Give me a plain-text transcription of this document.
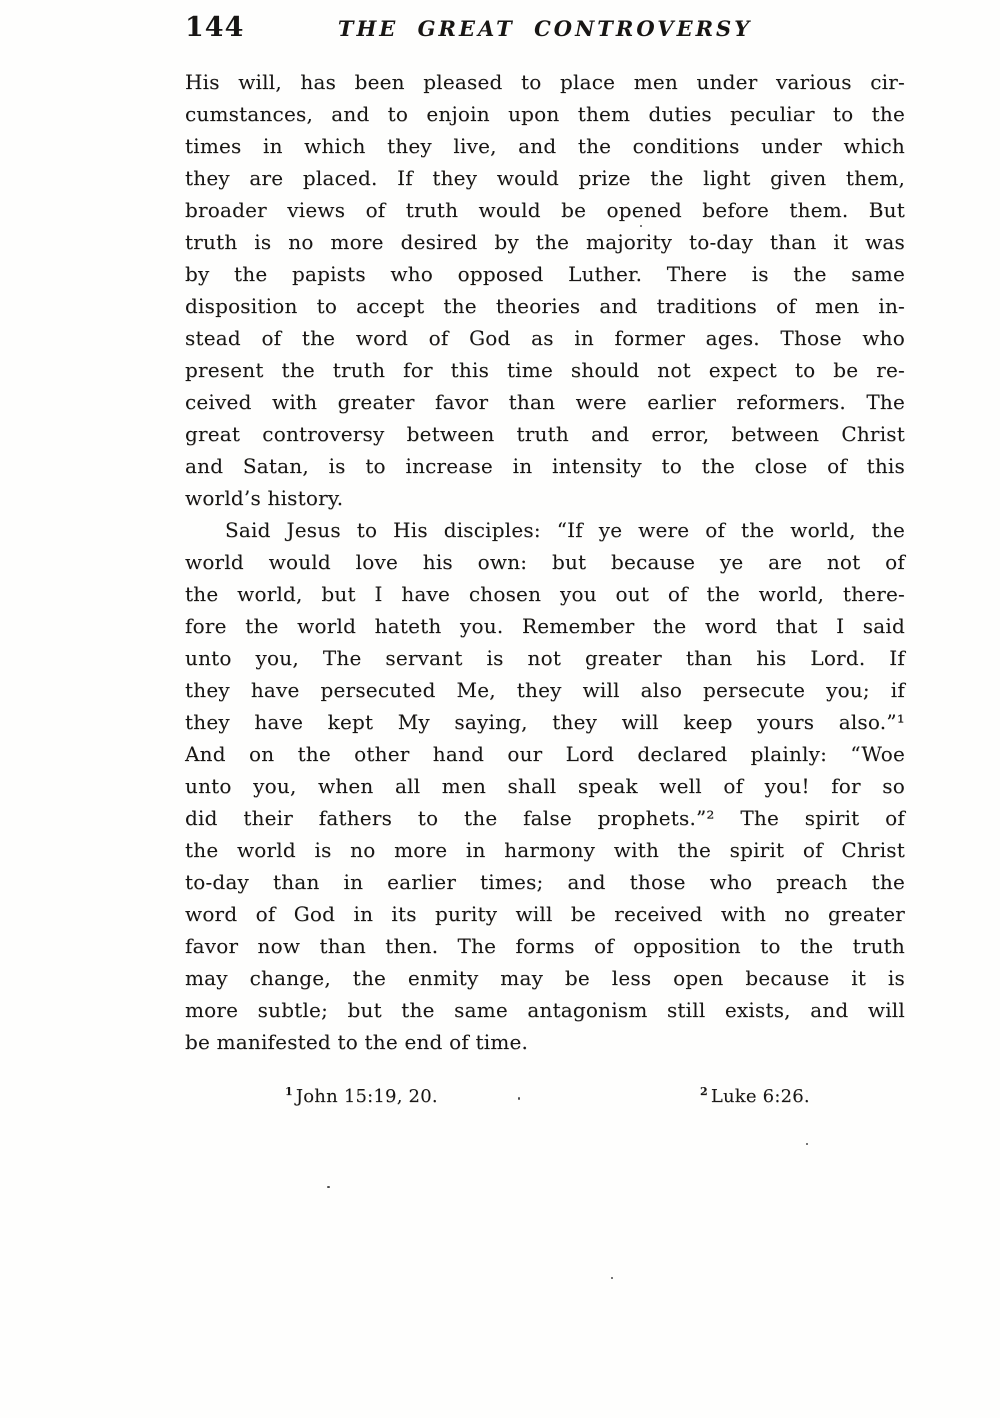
144	THE GREAT CONTROVERSY
His will, has been pleased to place men under various cir-
cumstances, and to enjoin upon them duties peculiar to the
times in which they live, and the conditions under which
they are placed. If they would prize the light given them,
broader views of truth would be opened before them. But
truth is no more desired by the majority to-day than it was
by the papists who opposed Luther. There is the same
disposition to accept the theories and traditions of men in-
stead of the word of God as in former ages. Those who
present the truth for this time should not expect to be re-
ceived with greater favor than were earlier reformers. The
great controversy between truth and error, between Christ
and Satan, is to increase in intensity to the close of this
world’s history.
Said Jesus to His disciples: “If ye were of the world, the
world would love his own: but because ye are not of
the world, but I have chosen you out of the world, there-
fore the world hateth you. Remember the word that I said
unto you, The servant is not greater than his Lord. If
they have persecuted Me, they will also persecute you; if
they have kept My saying, they will keep yours also.”¹
And on the other hand our Lord declared plainly: “Woe
unto you, when all men shall speak well of you! for so
did their fathers to the false prophets.”² The spirit of
the world is no more in harmony with the spirit of Christ
to-day than in earlier times; and those who preach the
word of God in its purity will be received with no greater
favor now than then. The forms of opposition to the truth
may change, the enmity may be less open because it is
more subtle; but the same antagonism still exists, and will
be manifested to the end of time.
$^1$ John 15:19, 20.	$^2$ Luke 6:26.
